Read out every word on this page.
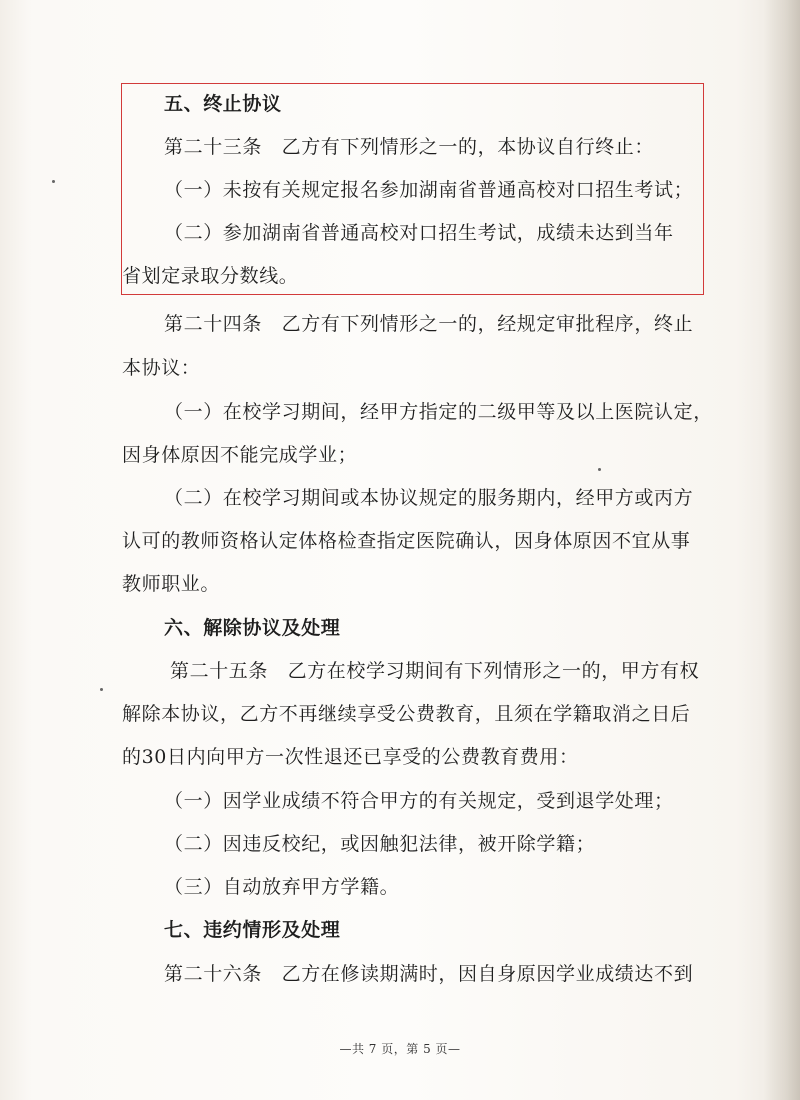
五、终止协议
第二十三条　乙方有下列情形之一的，本协议自行终止：
（一）未按有关规定报名参加湖南省普通高校对口招生考试；
（二）参加湖南省普通高校对口招生考试，成绩未达到当年
省划定录取分数线。
第二十四条　乙方有下列情形之一的，经规定审批程序，终止
本协议：
（一）在校学习期间，经甲方指定的二级甲等及以上医院认定，
因身体原因不能完成学业；
（二）在校学习期间或本协议规定的服务期内，经甲方或丙方
认可的教师资格认定体格检查指定医院确认，因身体原因不宜从事
教师职业。
六、解除协议及处理
第二十五条　乙方在校学习期间有下列情形之一的，甲方有权
解除本协议，乙方不再继续享受公费教育，且须在学籍取消之日后
的30日内向甲方一次性退还已享受的公费教育费用：
（一）因学业成绩不符合甲方的有关规定，受到退学处理；
（二）因违反校纪，或因触犯法律，被开除学籍；
（三）自动放弃甲方学籍。
七、违约情形及处理
第二十六条　乙方在修读期满时，因自身原因学业成绩达不到
—共 7 页，第 5 页—
